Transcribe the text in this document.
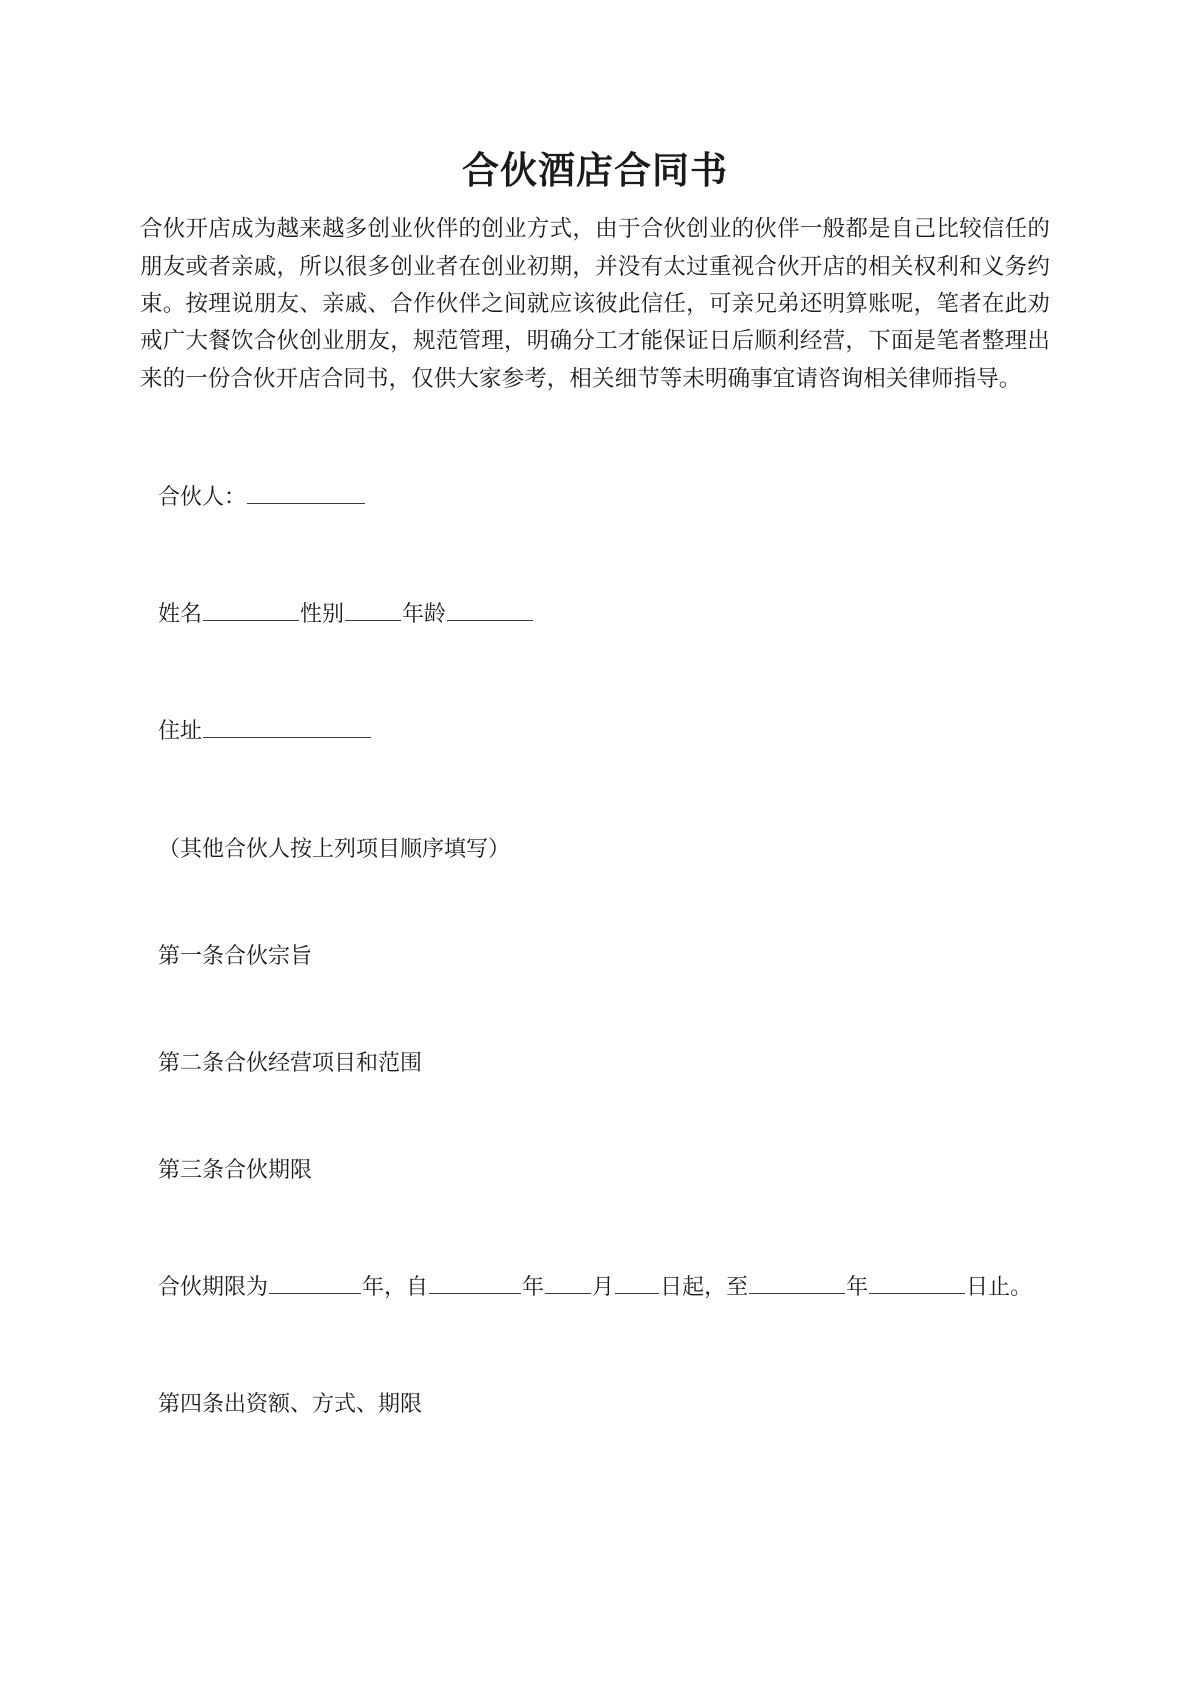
合伙酒店合同书

合伙开店成为越来越多创业伙伴的创业方式，由于合伙创业的伙伴一般都是自己比较信任的朋友或者亲戚，所以很多创业者在创业初期，并没有太过重视合伙开店的相关权利和义务约束。按理说朋友、亲戚、合作伙伴之间就应该彼此信任，可亲兄弟还明算账呢，笔者在此劝戒广大餐饮合伙创业朋友，规范管理，明确分工才能保证日后顺利经营，下面是笔者整理出来的一份合伙开店合同书，仅供大家参考，相关细节等未明确事宜请咨询相关律师指导。

合伙人：

姓名	性别	年龄

住址

（其他合伙人按上列项目顺序填写）

第一条合伙宗旨

第二条合伙经营项目和范围

第三条合伙期限

合伙期限为	年，自	年 月 日起，至	年	日止。

第四条出资额、方式、期限
